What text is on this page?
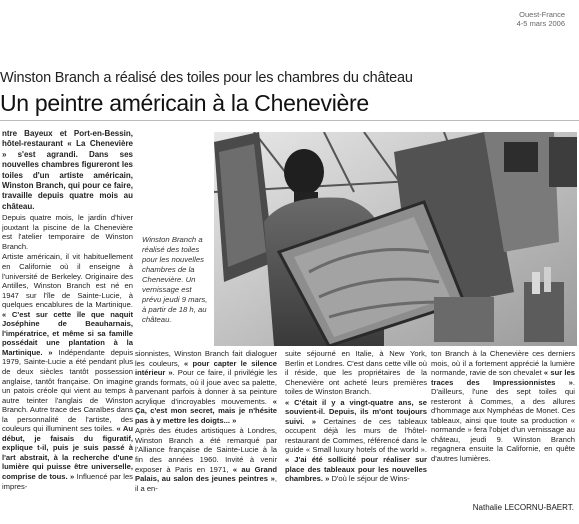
Ouest-France
4-5 mars 2006
Winston Branch a réalisé des toiles pour les chambres du château
Un peintre américain à la Chenevière

ntre Bayeux et Port-en-Bessin, hôtel-restaurant « La Chenevière » s'est agrandi. Dans ses nouvelles chambres figureront les toiles d'un artiste américain, Winston Branch, qui pour ce faire, travaille depuis quatre mois au château.

Depuis quatre mois, le jardin d'hiver jouxtant la piscine de la Chenevière est l'atelier temporaire de Winston Branch.

Artiste américain, il vit habituellement en Californie où il enseigne à l'université de Berkeley. Originaire des Antilles, Winston Branch est né en 1947 sur l'île de Sainte-Lucie, à quelques encablures de la Martinique. « C'est sur cette île que naquit Joséphine de Beauharnais, l'impératrice, et même si sa famille possédait une plantation à la Martinique. » Indépendante depuis 1979, Sainte-Lucie a été pendant plus de deux siècles tantôt possession anglaise, tantôt française. On imagine un patois créole qui vient au temps à autre teinter l'anglais de Winston Branch. Autre trace des Caraïbes dans la personnalité de l'artiste, des couleurs qui illuminent ses toiles. « Au début, je faisais du figuratif, explique t-il, puis je suis passé à l'art abstrait, à la recherche d'une lumière qui puisse être universelle, comprise de tous. » Influencé par les impres-

Winston Branch a réalisé des toiles pour les nouvelles chambres de la Chenevière. Un vernissage est prévu jeudi 9 mars, à partir de 18 h, au château.

sionnistes, Winston Branch fait dialoguer les couleurs, « pour capter le silence intérieur ». Pour ce faire, il privilégie les grands formats, où il joue avec sa palette, parvenant parfois à donner à sa peinture acrylique d'incroyables mouvements. « Ça, c'est mon secret, mais je n'hésite pas à y mettre les doigts... »

Après des études artistiques à Londres, Winston Branch a été remarqué par l'Alliance française de Sainte-Lucie à la fin des années 1960. Invité à venir exposer à Paris en 1971, « au Grand Palais, au salon des jeunes peintres », il a en-

suite séjourné en Italie, à New York, Berlin et Londres. C'est dans cette ville où il réside, que les propriétaires de la Chenevière ont acheté leurs premières toiles de Winston Branch.

« C'était il y a vingt-quatre ans, se souvient-il. Depuis, ils m'ont toujours suivi. » Certaines de ces tableaux occupent déjà les murs de l'hôtel-restaurant de Commes, référencé dans le guide « Small luxury hotels of the world ». « J'ai été sollicité pour réaliser sur place des tableaux pour les nouvelles chambres. » D'où le séjour de Wins-

ton Branch à la Chenevière ces derniers mois, où il a fortement apprécié la lumière normande, ravie de son chevalet « sur les traces des Impressionnistes ». D'ailleurs, l'une des sept toiles qui resteront à Commes, a des allures d'hommage aux Nymphéas de Monet. Ces tableaux, ainsi que toute sa production « normande » fera l'objet d'un vernissage au château, jeudi 9. Winston Branch regagnera ensuite la Californie, en quête d'autres lumières.

Nathalie LECORNU-BAERT.
